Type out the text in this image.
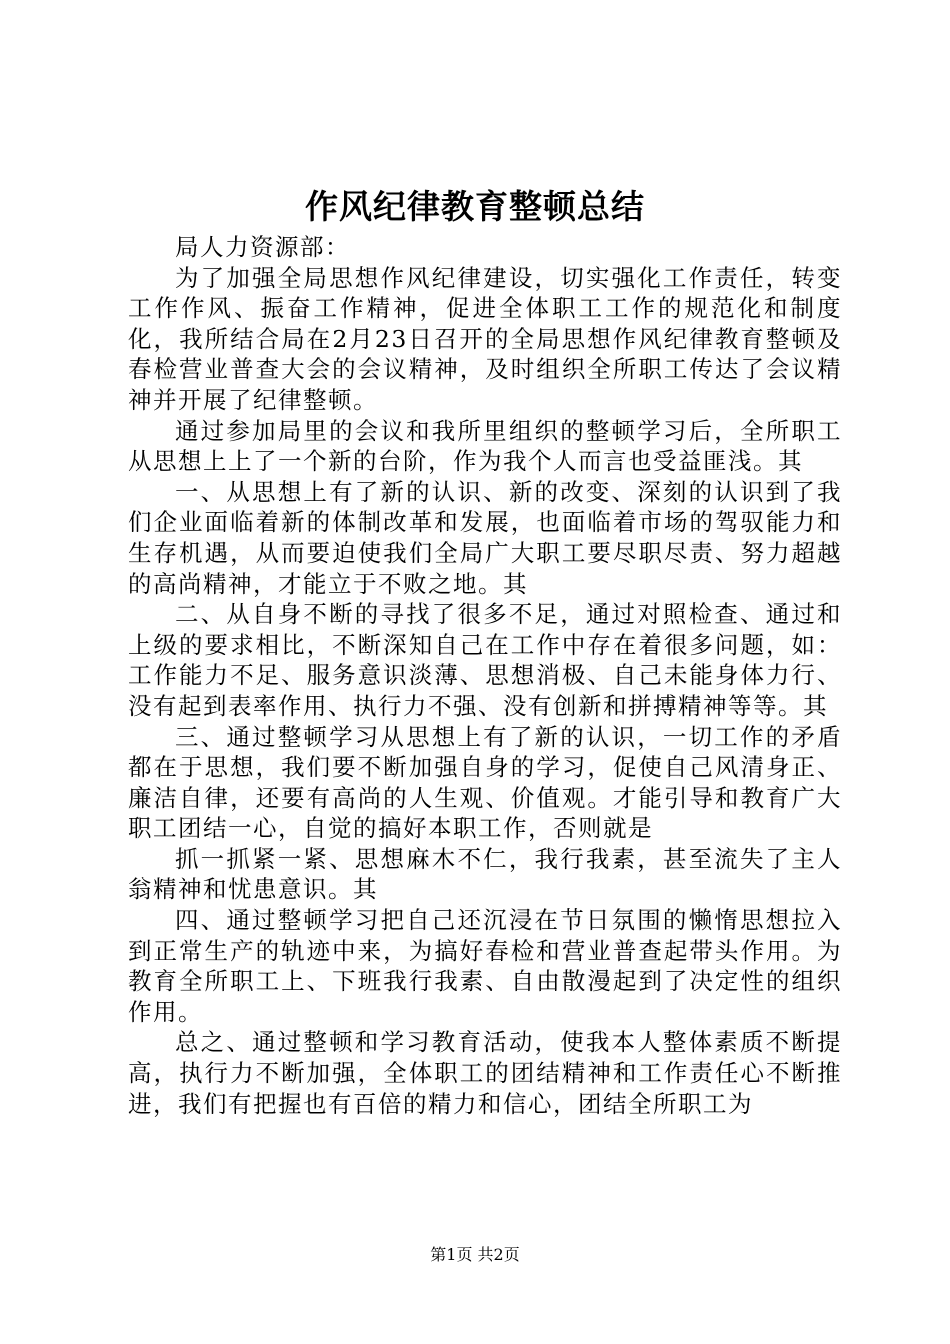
作风纪律教育整顿总结

局人力资源部：

为了加强全局思想作风纪律建设，切实强化工作责任，转变工作作风、振奋工作精神，促进全体职工工作的规范化和制度化，我所结合局在2月23日召开的全局思想作风纪律教育整顿及春检营业普查大会的会议精神，及时组织全所职工传达了会议精神并开展了纪律整顿。

通过参加局里的会议和我所里组织的整顿学习后，全所职工从思想上上了一个新的台阶，作为我个人而言也受益匪浅。其

一、从思想上有了新的认识、新的改变、深刻的认识到了我们企业面临着新的体制改革和发展，也面临着市场的驾驭能力和生存机遇，从而要迫使我们全局广大职工要尽职尽责、努力超越的高尚精神，才能立于不败之地。其

二、从自身不断的寻找了很多不足，通过对照检查、通过和上级的要求相比，不断深知自己在工作中存在着很多问题，如：工作能力不足、服务意识淡薄、思想消极、自己未能身体力行、没有起到表率作用、执行力不强、没有创新和拼搏精神等等。其

三、通过整顿学习从思想上有了新的认识，一切工作的矛盾都在于思想，我们要不断加强自身的学习，促使自己风清身正、廉洁自律，还要有高尚的人生观、价值观。才能引导和教育广大职工团结一心，自觉的搞好本职工作，否则就是

抓一抓紧一紧、思想麻木不仁，我行我素，甚至流失了主人翁精神和忧患意识。其

四、通过整顿学习把自己还沉浸在节日氛围的懒惰思想拉入到正常生产的轨迹中来，为搞好春检和营业普查起带头作用。为教育全所职工上、下班我行我素、自由散漫起到了决定性的组织作用。

总之、通过整顿和学习教育活动，使我本人整体素质不断提高，执行力不断加强，全体职工的团结精神和工作责任心不断推进，我们有把握也有百倍的精力和信心，团结全所职工为

第1页 共2页
